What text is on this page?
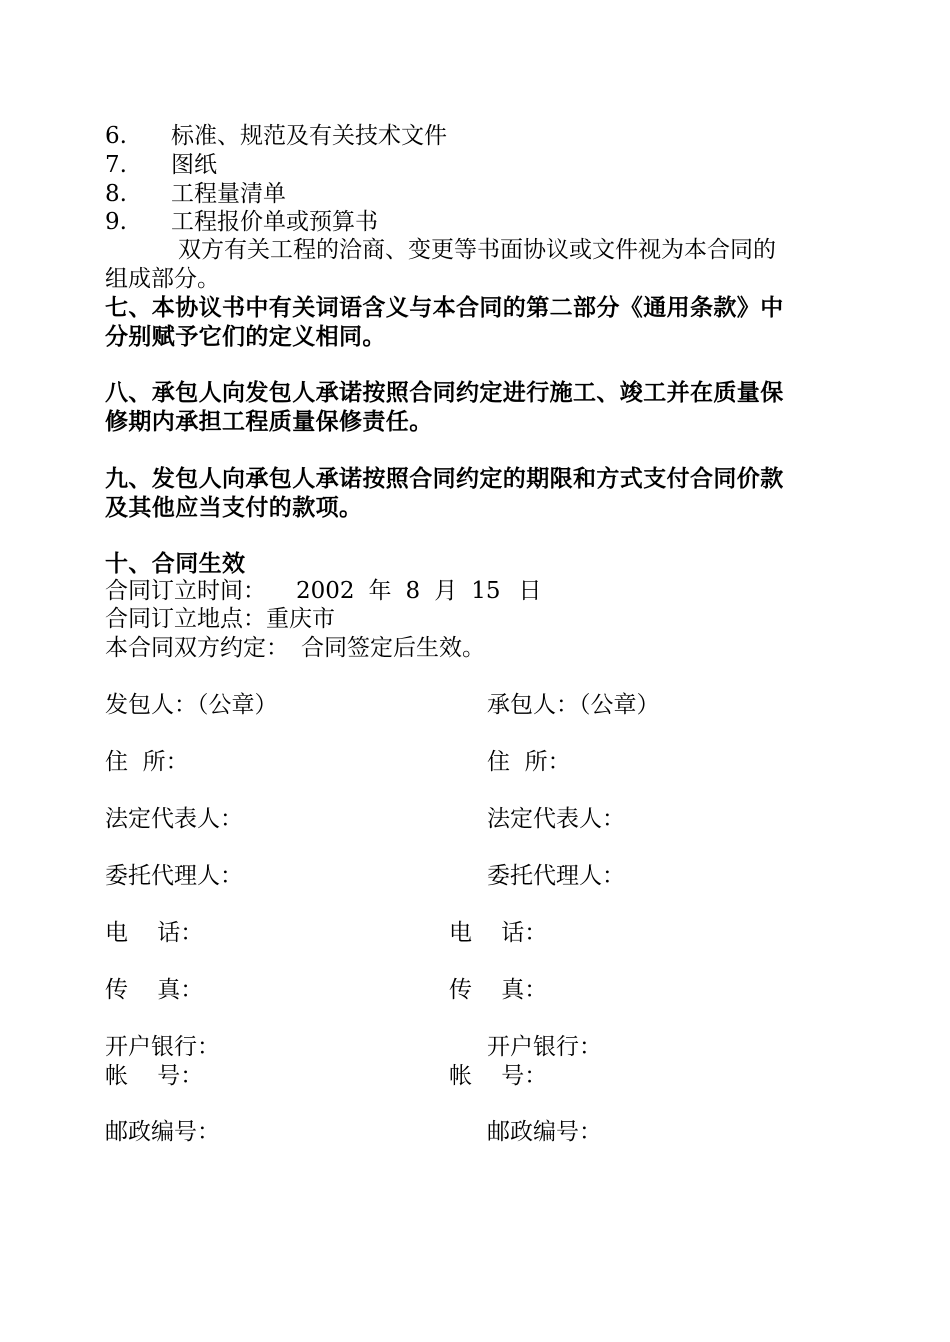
6. 标准、规范及有关技术文件
7. 图纸
8. 工程量清单
9. 工程报价单或预算书
双方有关工程的洽商、变更等书面协议或文件视为本合同的
组成部分。
七、本协议书中有关词语含义与本合同的第二部分《通用条款》中
分别赋予它们的定义相同。
八、承包人向发包人承诺按照合同约定进行施工、竣工并在质量保
修期内承担工程质量保修责任。
九、发包人向承包人承诺按照合同约定的期限和方式支付合同价款
及其他应当支付的款项。
十、合同生效
合同订立时间： 2002 年 8 月 15 日
合同订立地点：重庆市
本合同双方约定： 合同签定后生效。
发包人：（公章）
住  所：
法定代表人：
委托代理人：
电    话：
传    真：
开户银行：
帐    号：
邮政编号：
承包人：（公章）
住  所：
法定代表人：
委托代理人：
电    话：
传    真：
开户银行：
帐    号：
邮政编号：
